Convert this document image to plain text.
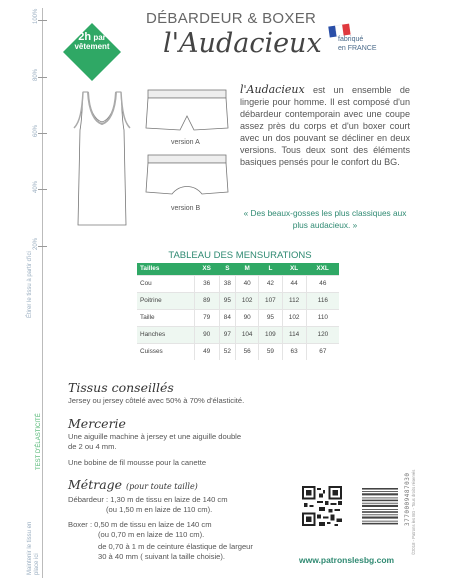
100%
80%
60%
40%
20%
Étirer le tissu à partir d'ici
TEST D'ÉLASTICITÉ
Maintenir le tissu en place ici
DÉBARDEUR & BOXER
l'Audacieux
2h par
vêtement
fabriqué
en FRANCE
version A
version B
l'Audacieux est un ensemble de lingerie pour homme. Il est composé d'un débardeur contemporain avec une coupe assez près du corps et d'un boxer court avec un dos pouvant se décliner en deux versions. Tous deux sont des éléments basiques pensés pour le confort du BG.
« Des beaux-gosses les plus classiques aux plus audacieux. »
TABLEAU DES MENSURATIONS
Tailles	XS	S	M	L	XL	XXL
Cou	36	38	40	42	44	46
Poitrine	89	95	102	107	112	116
Taille	79	84	90	95	102	110
Hanches	90	97	104	109	114	120
Cuisses	49	52	56	59	63	67
Tissus conseillés
Jersey ou jersey côtelé avec 50% à 70% d'élasticité.
Mercerie
Une aiguille machine à jersey et une aiguille double
de 2 ou 4 mm.
Une bobine de fil mousse pour la canette
Métrage (pour toute taille)
Débardeur : 1,30 m de tissu en laize de 140 cm
(ou 1,50 m en laize de 110 cm).
Boxer : 0,50 m de tissu en laize de 140 cm
(ou 0,70 m en laize de 110 cm).
de 0,70 à 1 m de ceinture élastique de largeur
30 à 40 mm ( suivant la taille choisie).
3770009487030
www.patronslesbg.com
©2018 - Patrons les BG - Tous droits réservés
